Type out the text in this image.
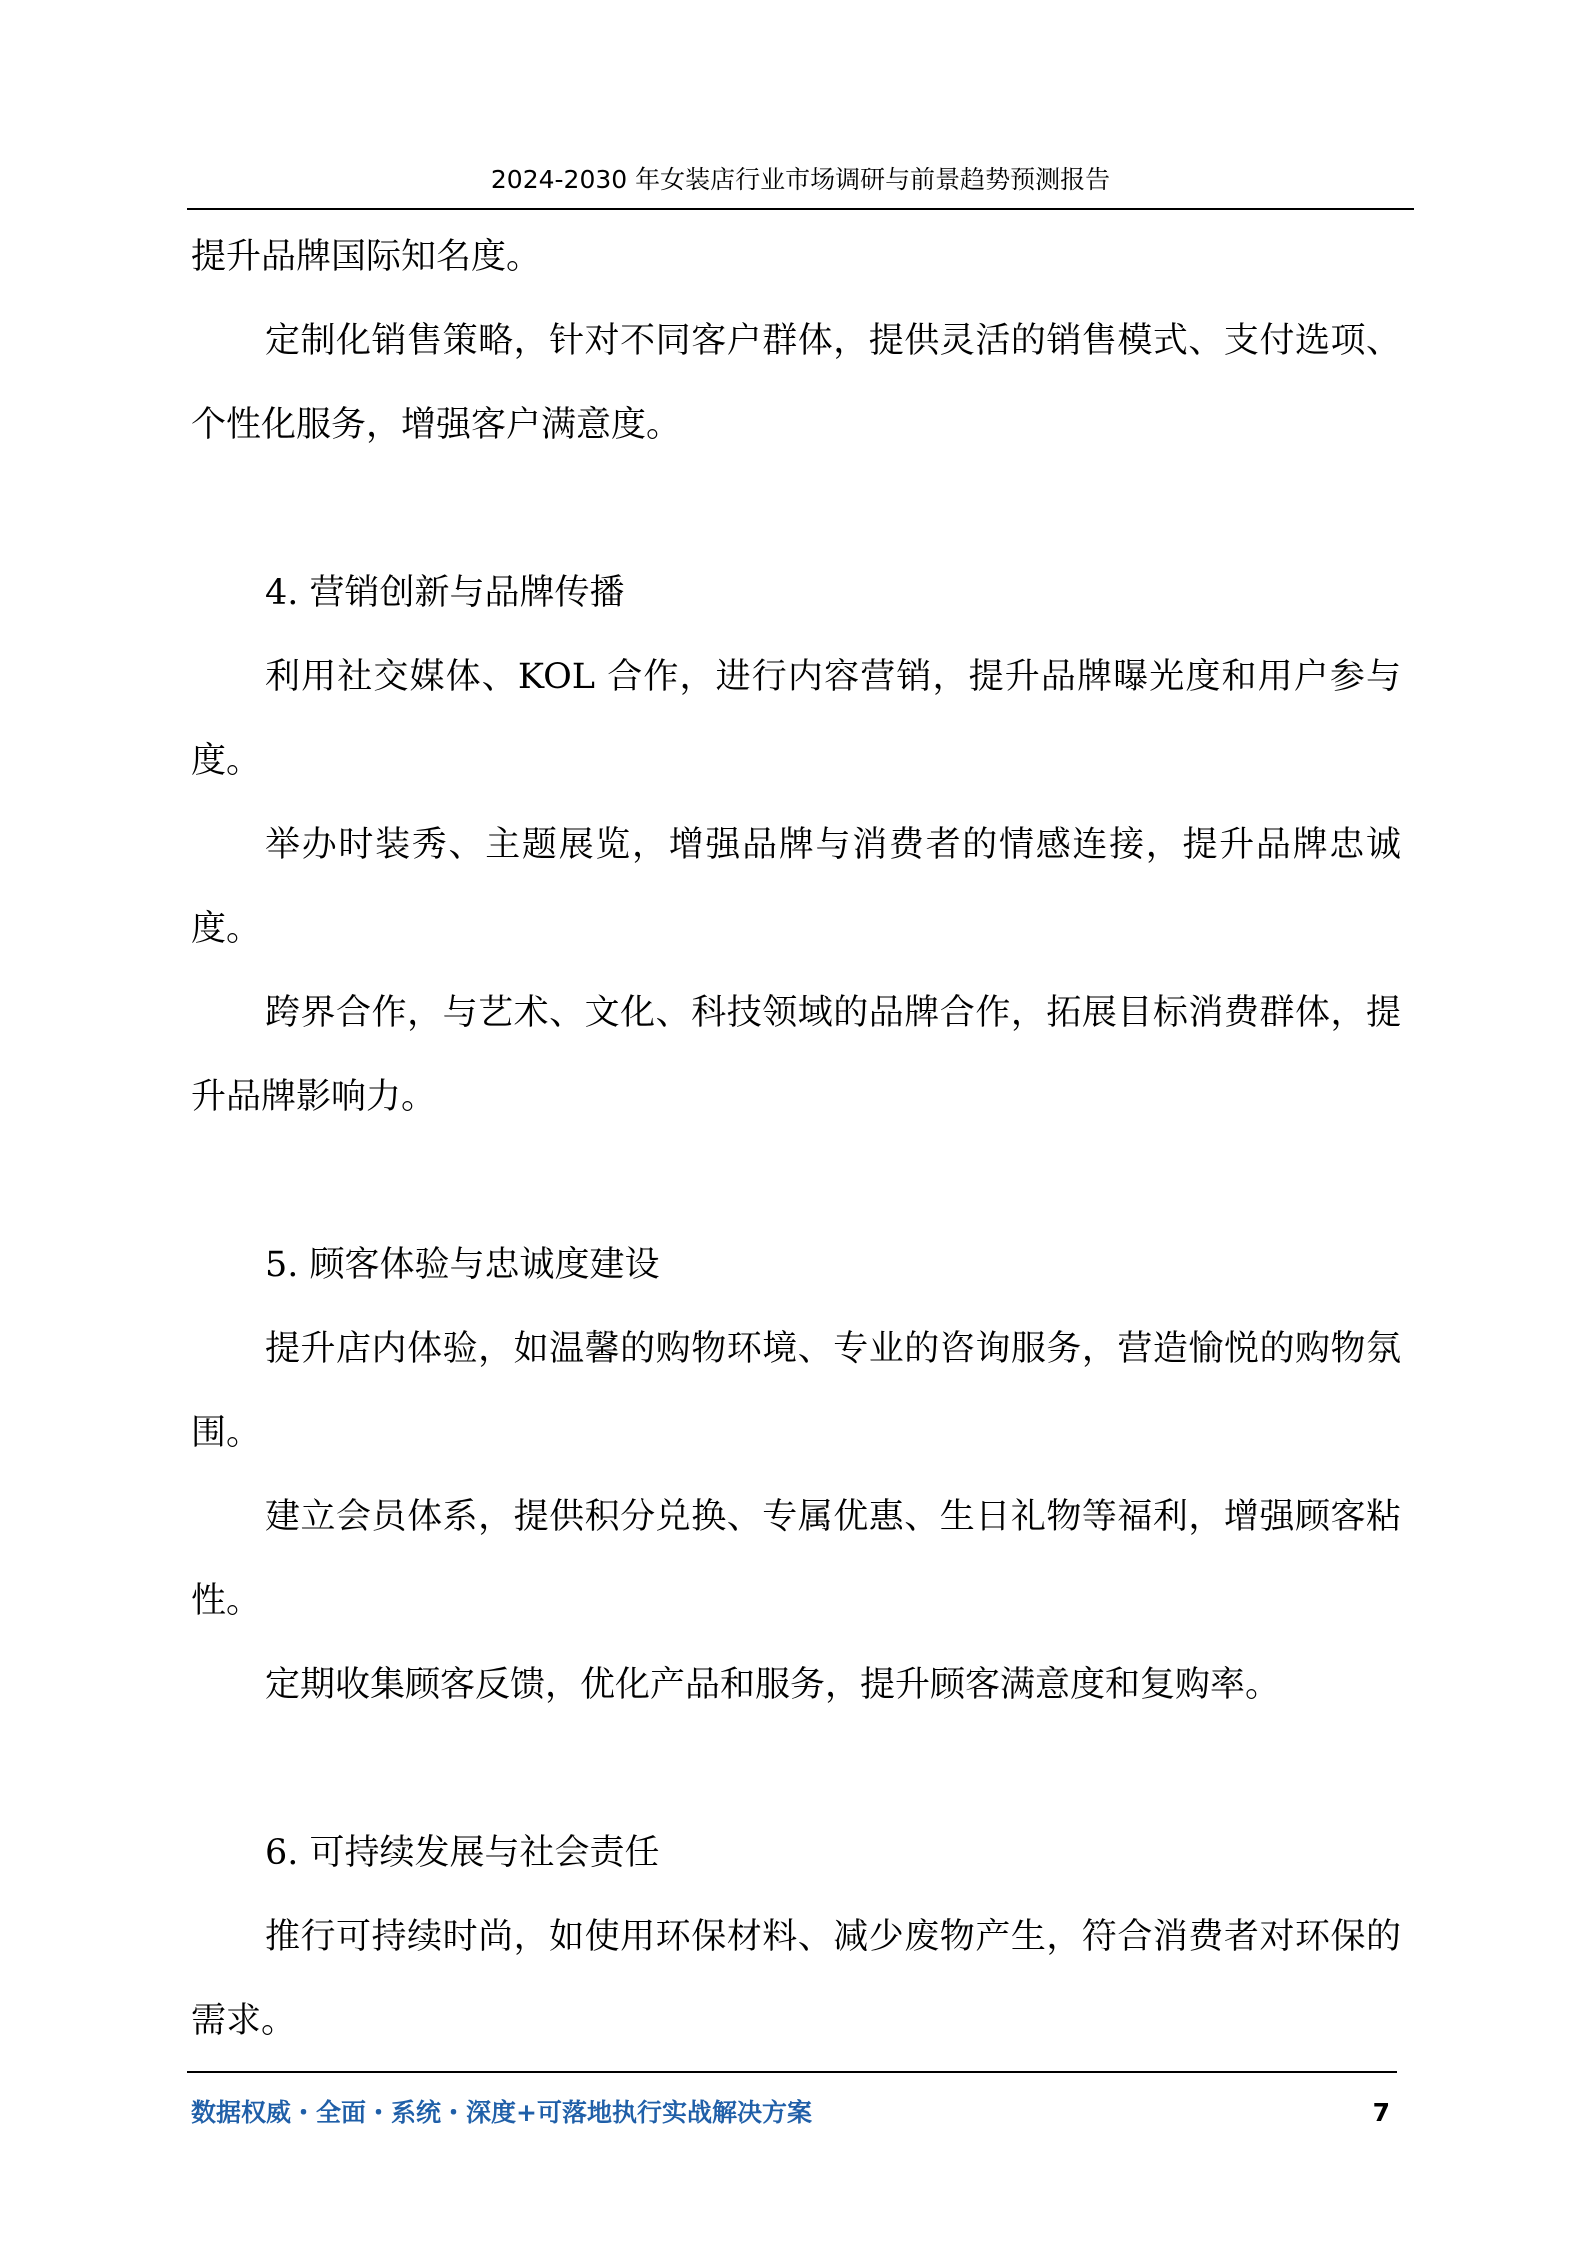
2024-2030 年女装店行业市场调研与前景趋势预测报告

提升品牌国际知名度。

定制化销售策略，针对不同客户群体，提供灵活的销售模式、支付选项、个性化服务，增强客户满意度。

4. 营销创新与品牌传播

利用社交媒体、KOL 合作，进行内容营销，提升品牌曝光度和用户参与度。

举办时装秀、主题展览，增强品牌与消费者的情感连接，提升品牌忠诚度。

跨界合作，与艺术、文化、科技领域的品牌合作，拓展目标消费群体，提升品牌影响力。

5. 顾客体验与忠诚度建设

提升店内体验，如温馨的购物环境、专业的咨询服务，营造愉悦的购物氛围。

建立会员体系，提供积分兑换、专属优惠、生日礼物等福利，增强顾客粘性。

定期收集顾客反馈，优化产品和服务，提升顾客满意度和复购率。

6. 可持续发展与社会责任

推行可持续时尚，如使用环保材料、减少废物产生，符合消费者对环保的需求。

数据权威・全面・系统・深度+可落地执行实战解决方案	7
